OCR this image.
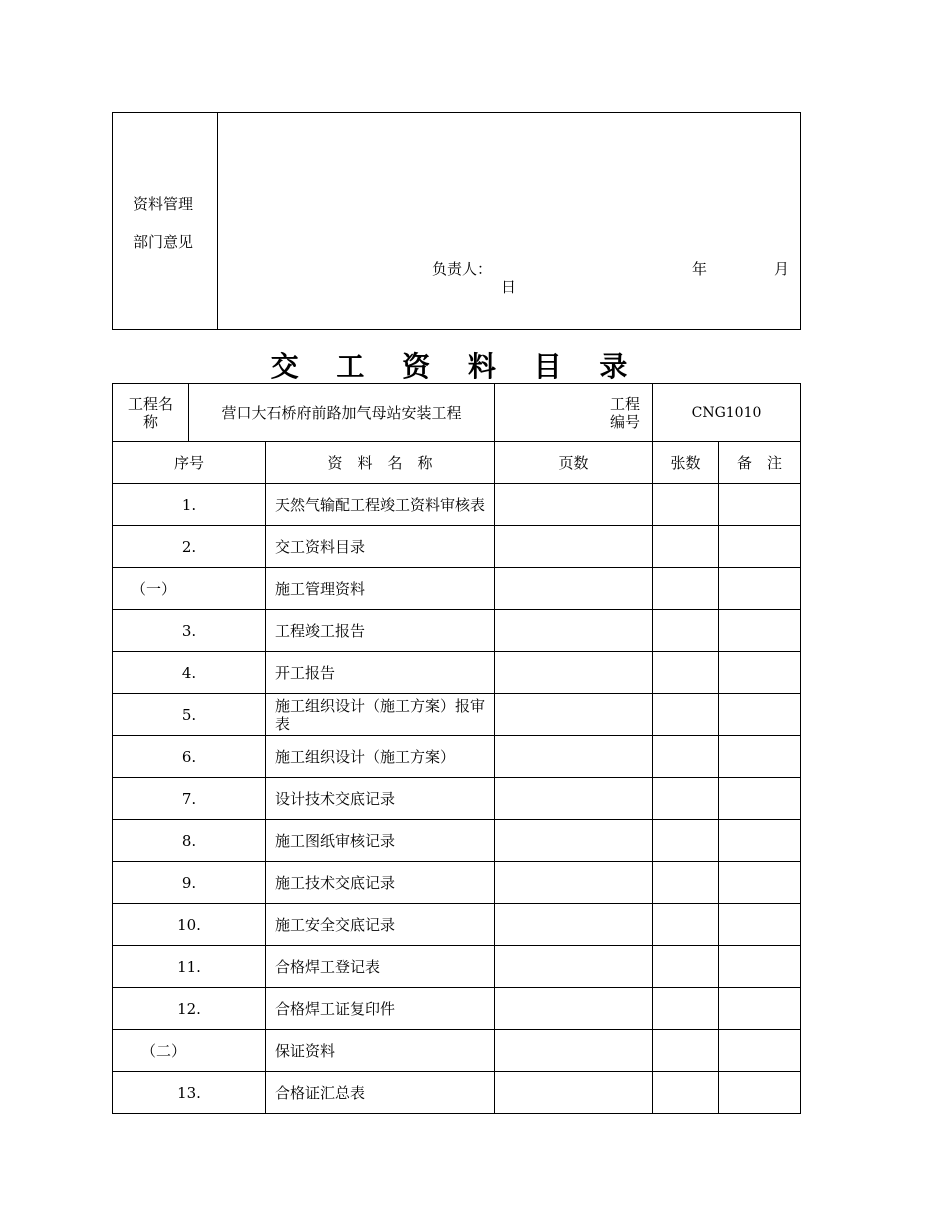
资料管理
部门意见
负责人：	年	月
日
交 工 资 料 目 录
工程名称	营口大石桥府前路加气母站安装工程		工程编号	CNG1010	
序号		资　料　名　称	页数	张数	备　注
1.		天然气输配工程竣工资料审核表			
2.		交工资料目录			
（一）		施工管理资料			
3.		工程竣工报告			
4.		开工报告			
5.		施工组织设计（施工方案）报审表			
6.		施工组织设计（施工方案）			
7.		设计技术交底记录			
8.		施工图纸审核记录			
9.		施工技术交底记录			
10.		施工安全交底记录			
11.		合格焊工登记表			
12.		合格焊工证复印件			
（二）		保证资料			
13.		合格证汇总表			
